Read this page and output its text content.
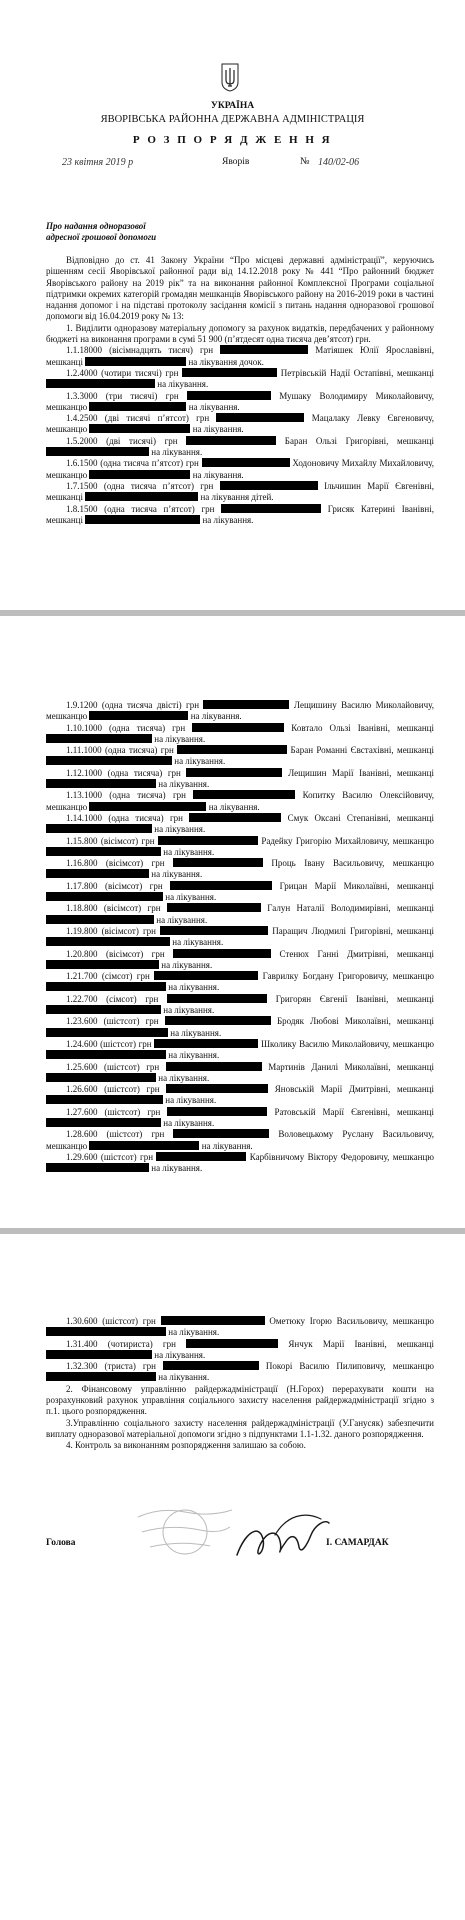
УКРАЇНА
ЯВОРІВСЬКА РАЙОННА ДЕРЖАВНА АДМІНІСТРАЦІЯ
Р О З П О Р Я Д Ж Е Н Н Я
23 квітня 2019 р	Яворів	№ 140/02-06
Про надання одноразової
адресної грошової допомоги

Відповідно до ст. 41 Закону України “Про місцеві державні адміністрації”, керуючись рішенням сесії Яворівської районної ради від 14.12.2018 року № 441 “Про районний бюджет Яворівського району на 2019 рік” та на виконання районної Комплексної Програми соціальної підтримки окремих категорій громадян мешканців Яворівського району на 2016-2019 роки в частині надання допомог і на підставі протоколу засідання комісії з питань надання одноразової грошової допомоги від 16.04.2019 року № 13:

1. Виділити одноразову матеріальну допомогу за рахунок видатків, передбачених у районному бюджеті на виконання програми в сумі 51 900 (п’ятдесят одна тисяча дев’ятсот) грн.

1.1.18000 (вісімнадцять тисяч) грн	Матіяшек Юлії Ярославівні, мешканці	на лікування дочок.

1.2.4000 (чотири тисячі) грн	Петрівській Надії Остапівні, мешканці  на лікування.

1.3.3000 (три тисячі) грн	Мушаку Володимиру Миколайовичу, мешканцю	на лікування.

1.4.2500 (дві тисячі п’ятсот) грн	Мацалаку Левку Євгеновичу, мешканцю	на лікування.

1.5.2000 (дві тисячі) грн	Баран Ользі Григорівні, мешканці  на лікування.

1.6.1500 (одна тисяча п’ятсот) грн	Ходоновичу Михайлу Михайловичу, мешканцю	на лікування.

1.7.1500 (одна тисяча п’ятсот) грн	Ільчишин Марії Євгенівні, мешканці	на лікування дітей.

1.8.1500 (одна тисяча п’ятсот) грн	Грисяк Катерині Іванівні, мешканці	на лікування.

1.9.1200 (одна тисяча двісті) грн	Лещишину Василю Миколайовичу, мешканцю	на лікування.

1.10.1000 (одна тисяча) грн	Ковтало Ользі Іванівні, мешканці  на лікування.

1.11.1000 (одна тисяча) грн	Баран Романні Євстахівні, мешканці  на лікування.

1.12.1000 (одна тисяча) грн	Лещишин Марії Іванівні, мешканці  на лікування.

1.13.1000 (одна тисяча) грн	Копитку Василю Олексійовичу, мешканцю	на лікування.

1.14.1000 (одна тисяча) грн	Смук Оксані Степанівні, мешканці  на лікування.

1.15.800 (вісімсот) грн	Радейку Григорію Михайловичу, мешканцю  на лікування.

1.16.800 (вісімсот) грн	Проць Івану Васильовичу, мешканцю  на лікування.

1.17.800 (вісімсот) грн	Грицан Марії Миколаївні, мешканці  на лікування.

1.18.800 (вісімсот) грн	Галун Наталії Володимирівні, мешканці  на лікування.

1.19.800 (вісімсот) грн	Паращич Людмилі Григорівні, мешканці  на лікування.

1.20.800 (вісімсот) грн	Стенюх Ганні Дмитрівні, мешканці  на лікування.

1.21.700 (сімсот) грн	Гаврилку Богдану Григоровичу, мешканцю  на лікування.

1.22.700 (сімсот) грн	Григорян Євгенії Іванівні, мешканці  на лікування.

1.23.600 (шістсот) грн	Бродяк Любові Миколаївні, мешканці  на лікування.

1.24.600 (шістсот) грн	Школику Василю Миколайовичу, мешканцю  на лікування.

1.25.600 (шістсот) грн	Мартинів Данилі Миколаївні, мешканці  на лікування.

1.26.600 (шістсот) грн	Яновській Марії Дмитрівні, мешканці  на лікування.

1.27.600 (шістсот) грн	Ратовській Марії Євгенівні, мешканці  на лікування.

1.28.600 (шістсот) грн	Воловецькому Руслану Васильовичу, мешканцю	на лікування.

1.29.600 (шістсот) грн	Карбівничому Віктору Федоровичу, мешканцю  на лікування.

1.30.600 (шістсот) грн	Ометюку Ігорю Васильовичу, мешканцю  на лікування.

1.31.400 (чотириста) грн	Янчук Марії Іванівні, мешканці  на лікування.

1.32.300 (триста) грн	Покорі Василю Пилиповичу, мешканцю  на лікування.

2. Фінансовому управлінню райдержадміністрації (Н.Горох) перерахувати кошти на розрахунковий рахунок управління соціального захисту населення райдержадміністрації згідно з п.1. цього розпорядження.

3.Управлінню соціального захисту населення райдержадміністрації (У.Ганусяк) забезпечити виплату одноразової матеріальної допомоги згідно з підпунктами 1.1-1.32. даного розпорядження.

4. Контроль за виконанням розпорядження залишаю за собою.

Голова	І. САМАРДАК
